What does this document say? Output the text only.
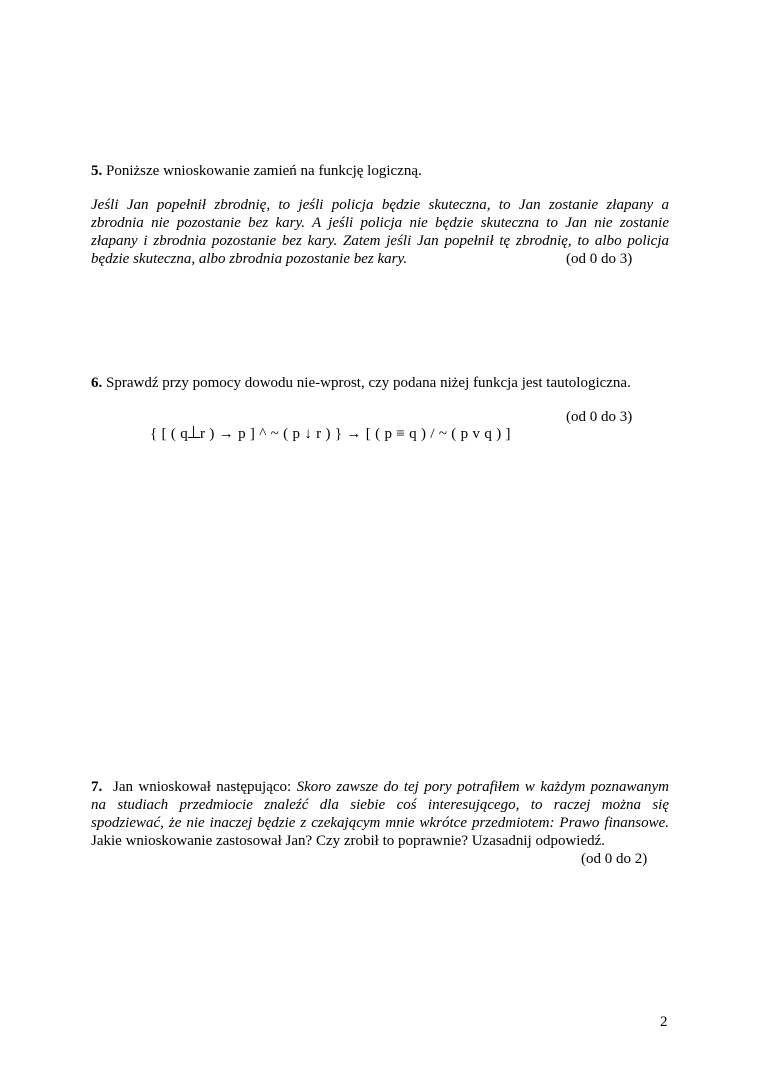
5. Poniższe wnioskowanie zamień na funkcję logiczną.
Jeśli Jan popełnił zbrodnię, to jeśli policja będzie skuteczna, to Jan zostanie złapany a
zbrodnia nie pozostanie bez kary. A jeśli policja nie będzie skuteczna to Jan nie zostanie
złapany i zbrodnia pozostanie bez kary. Zatem jeśli Jan popełnił tę zbrodnię, to albo policja
będzie skuteczna, albo zbrodnia pozostanie bez kary.	(od 0 do 3)
6. Sprawdź przy pomocy dowodu nie-wprost, czy podana niżej funkcja jest tautologiczna.
(od 0 do 3)
{ [ ( q r ) → p ] ^ ~ ( p ↓ r ) } → [ ( p ≡ q ) / ~ ( p v q ) ]
7. Jan wnioskował następująco: Skoro zawsze do tej pory potrafiłem w każdym poznawanym
na studiach przedmiocie znaleźć dla siebie coś interesującego, to raczej można się
spodziewać, że nie inaczej będzie z czekającym mnie wkrótce przedmiotem: Prawo finansowe.
Jakie wnioskowanie zastosował Jan? Czy zrobił to poprawnie? Uzasadnij odpowiedź.
(od 0 do 2)
2
